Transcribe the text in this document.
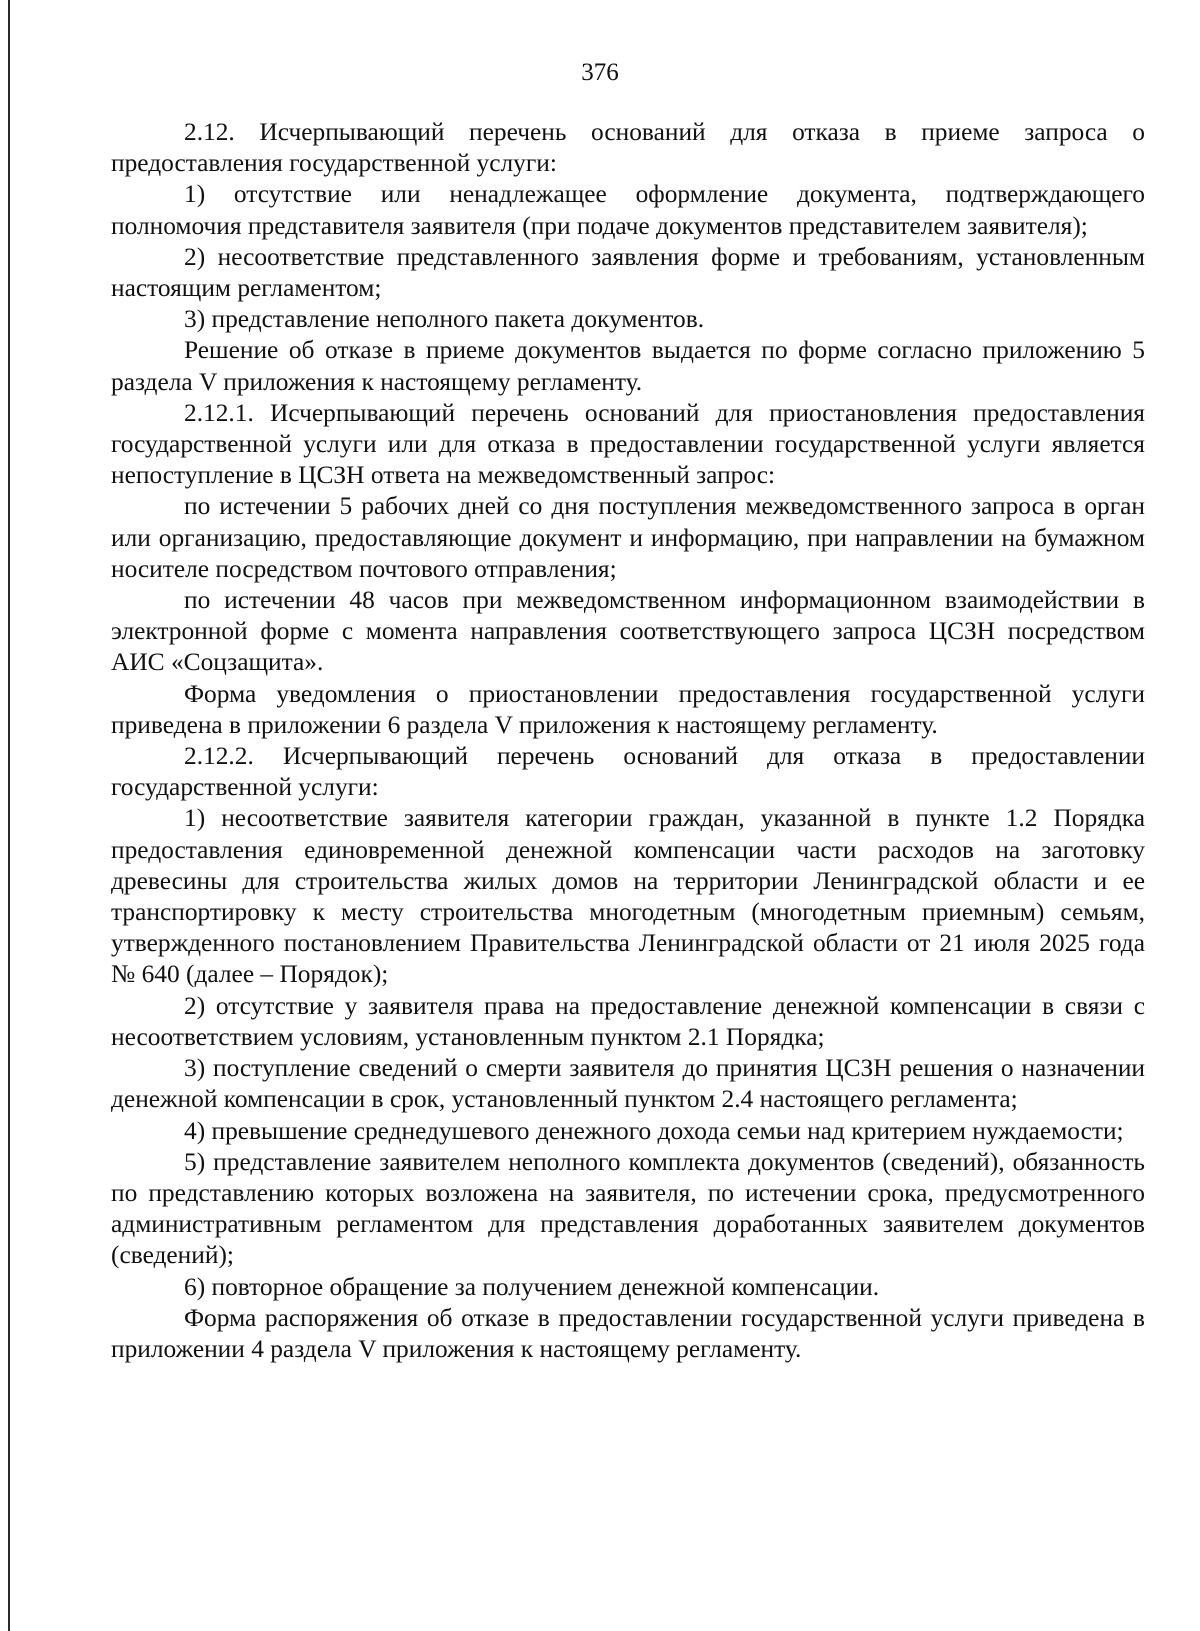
376

2.12. Исчерпывающий перечень оснований для отказа в приеме запроса о предоставления государственной услуги:

1) отсутствие или ненадлежащее оформление документа, подтверждающего полномочия представителя заявителя (при подаче документов представителем заявителя);

2) несоответствие представленного заявления форме и требованиям, установленным настоящим регламентом;

3) представление неполного пакета документов.

Решение об отказе в приеме документов выдается по форме согласно приложению 5 раздела V приложения к настоящему регламенту.

2.12.1. Исчерпывающий перечень оснований для приостановления предоставления государственной услуги или для отказа в предоставлении государственной услуги является непоступление в ЦСЗН ответа на межведомственный запрос:

по истечении 5 рабочих дней со дня поступления межведомственного запроса в орган или организацию, предоставляющие документ и информацию, при направлении на бумажном носителе посредством почтового отправления;

по истечении 48 часов при межведомственном информационном взаимодействии в электронной форме с момента направления соответствующего запроса ЦСЗН посредством АИС «Соцзащита».

Форма уведомления о приостановлении предоставления государственной услуги приведена в приложении 6 раздела V приложения к настоящему регламенту.

2.12.2. Исчерпывающий перечень оснований для отказа в предоставлении государственной услуги:

1) несоответствие заявителя категории граждан, указанной в пункте 1.2 Порядка предоставления единовременной денежной компенсации части расходов на заготовку древесины для строительства жилых домов на территории Ленинградской области и ее транспортировку к месту строительства многодетным (многодетным приемным) семьям, утвержденного постановлением Правительства Ленинградской области от 21 июля 2025 года № 640 (далее – Порядок);

2) отсутствие у заявителя права на предоставление денежной компенсации в связи с несоответствием условиям, установленным пунктом 2.1 Порядка;

3) поступление сведений о смерти заявителя до принятия ЦСЗН решения о назначении денежной компенсации в срок, установленный пунктом 2.4 настоящего регламента;

4) превышение среднедушевого денежного дохода семьи над критерием нуждаемости;

5) представление заявителем неполного комплекта документов (сведений), обязанность по представлению которых возложена на заявителя, по истечении срока, предусмотренного административным регламентом для представления доработанных заявителем документов (сведений);

6) повторное обращение за получением денежной компенсации.

Форма распоряжения об отказе в предоставлении государственной услуги приведена в приложении 4 раздела V приложения к настоящему регламенту.
